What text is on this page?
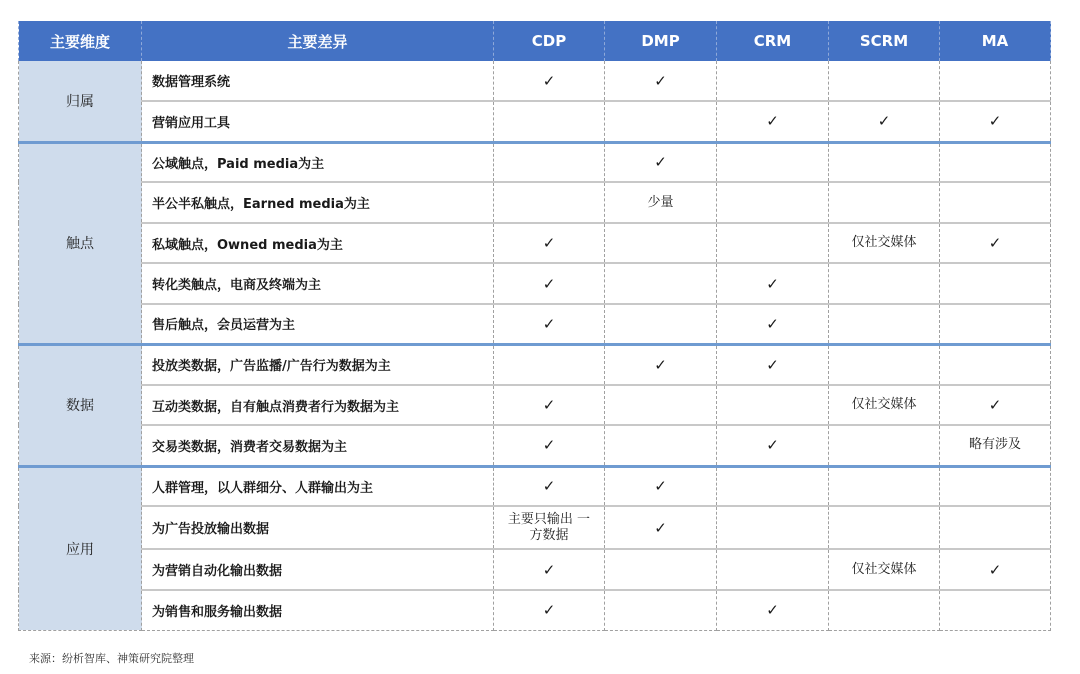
主要维度	主要差异	CDP	DMP	CRM	SCRM	MA
归属	数据管理系统	✓	✓			
	营销应用工具			✓	✓	✓
触点	公域触点，Paid media为主		✓			
	半公半私触点，Earned media为主		少量			
	私域触点，Owned media为主	✓			仅社交媒体	✓
	转化类触点，电商及终端为主	✓		✓		
	售后触点，会员运营为主	✓		✓		
数据	投放类数据，广告监播/广告行为数据为主		✓	✓		
	互动类数据，自有触点消费者行为数据为主	✓			仅社交媒体	✓
	交易类数据，消费者交易数据为主	✓		✓		略有涉及
应用	人群管理，以人群细分、人群输出为主	✓	✓			
	为广告投放输出数据	主要只输出 一方数据	✓			
	为营销自动化输出数据	✓			仅社交媒体	✓
	为销售和服务输出数据	✓		✓		
来源：纷析智库、神策研究院整理
